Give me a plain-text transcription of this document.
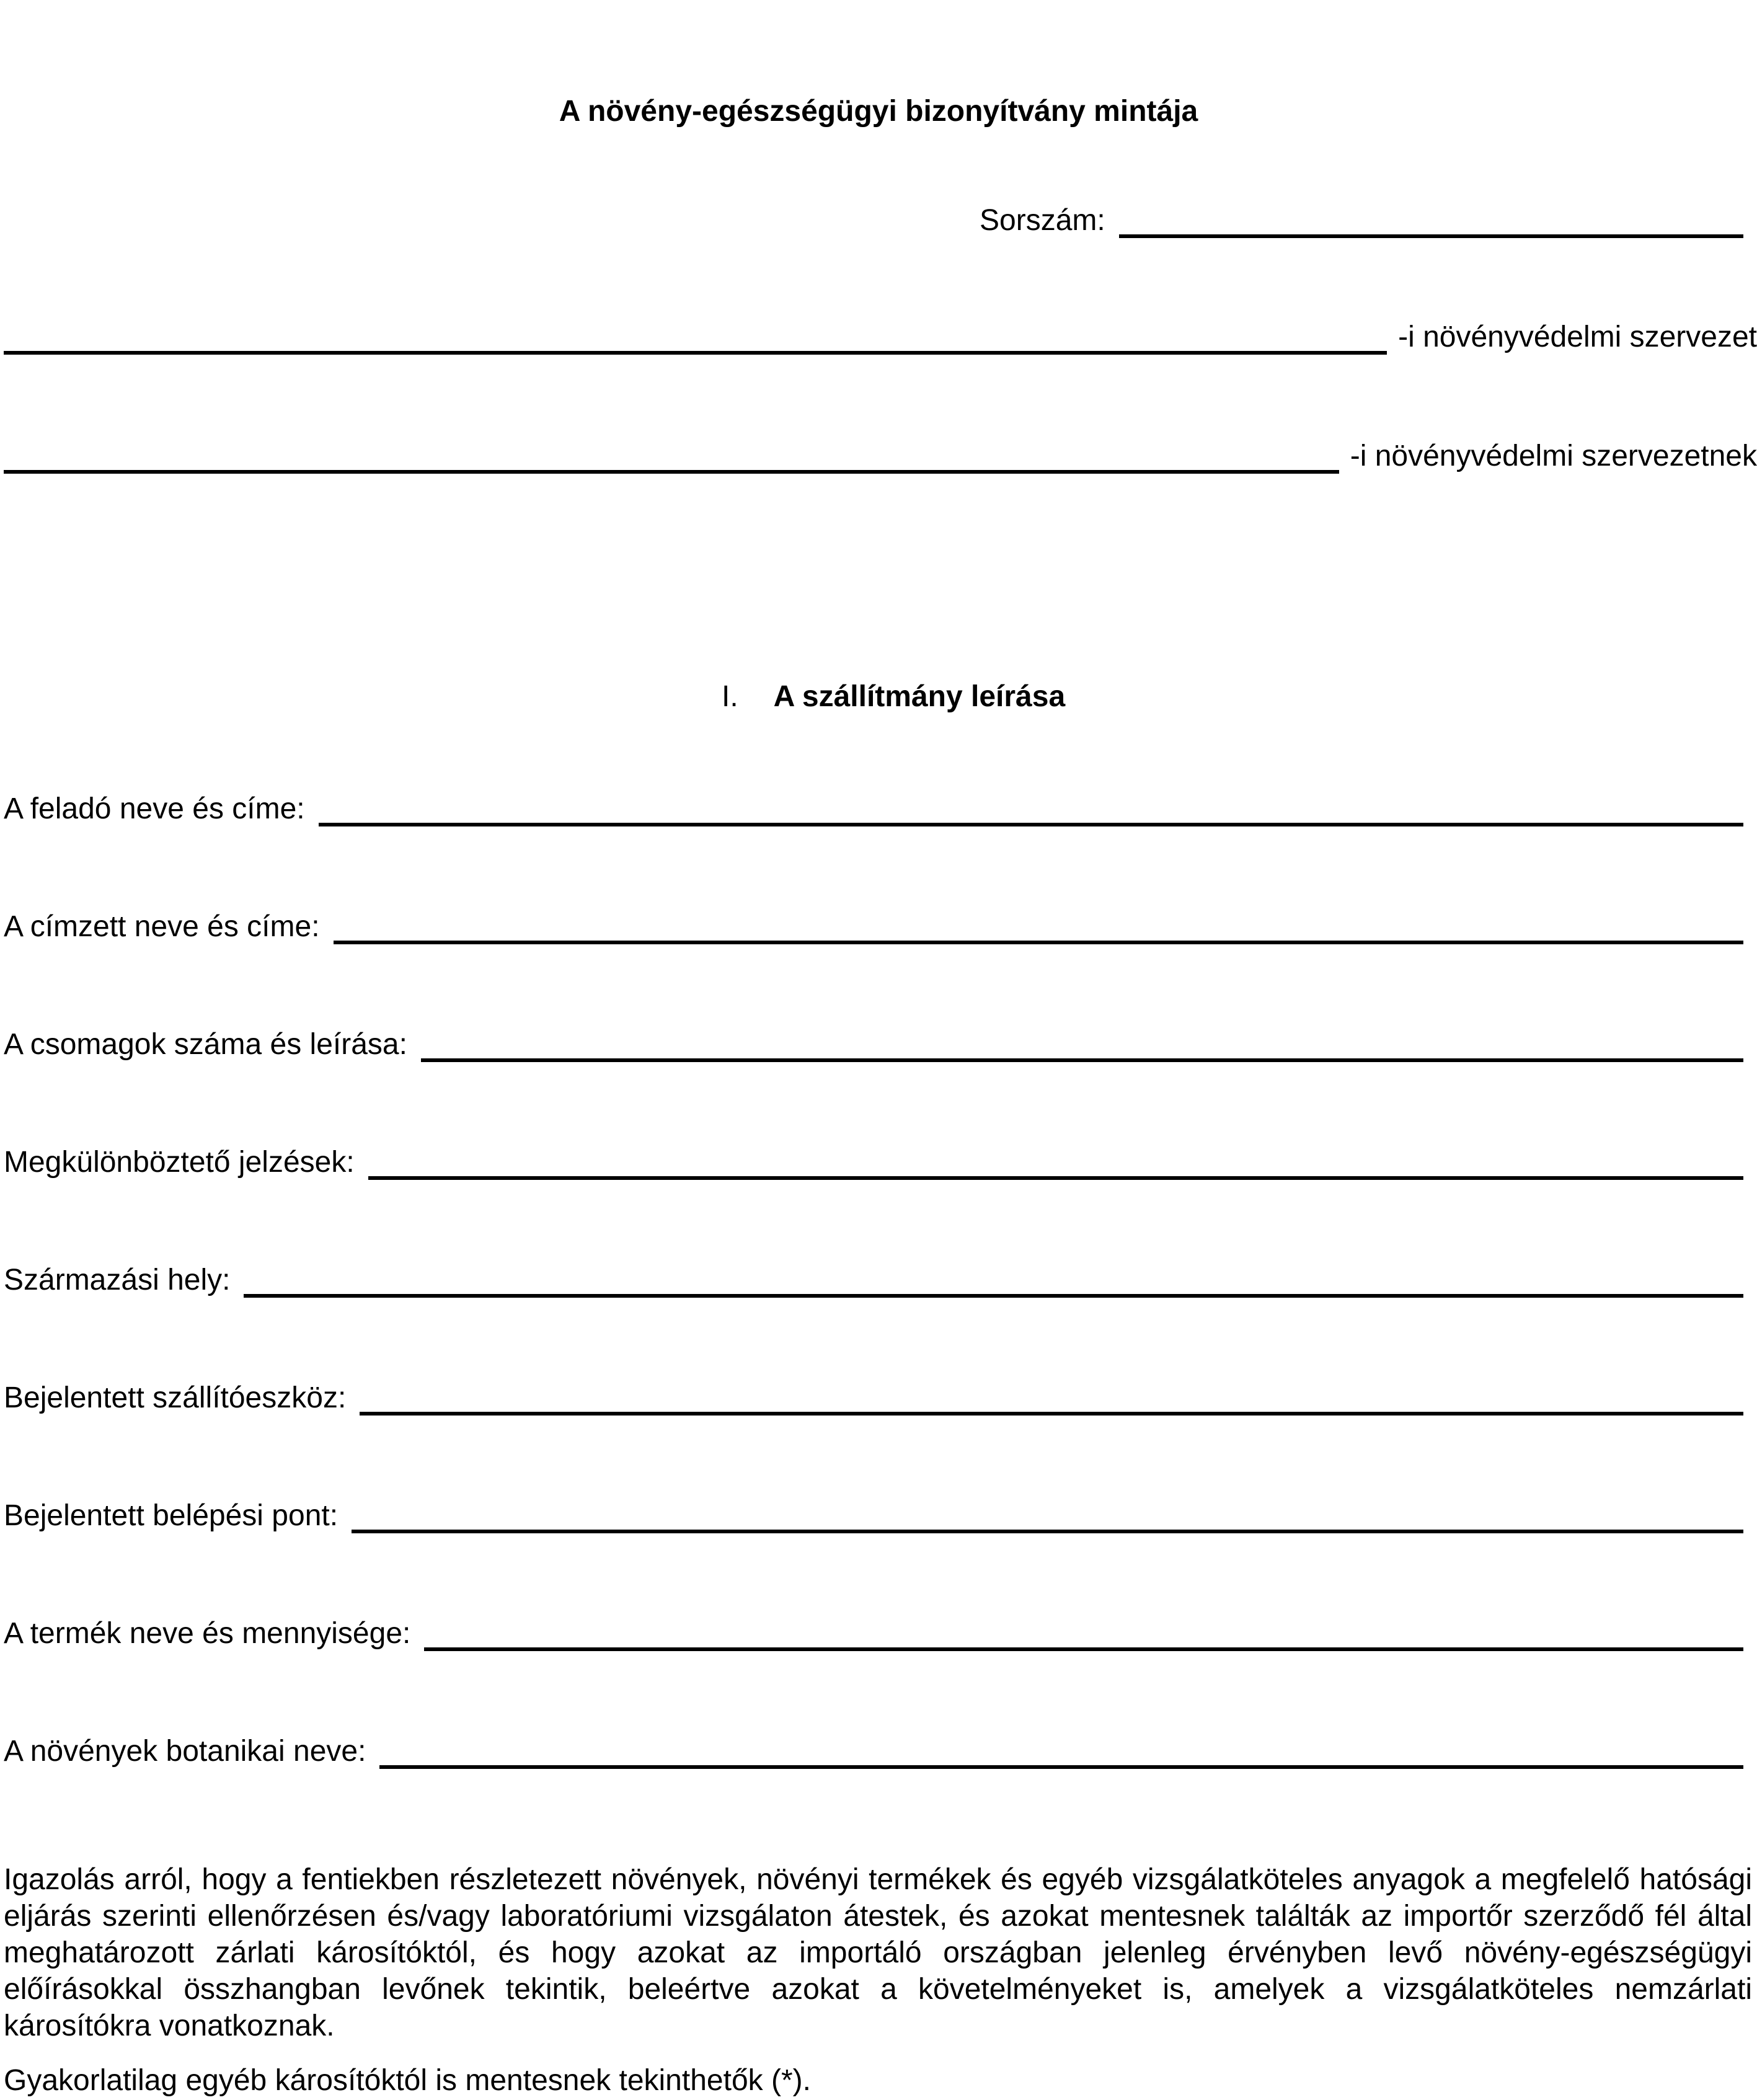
A növény-egészségügyi bizonyítvány mintája
Sorszám:
-i növényvédelmi szervezet
-i növényvédelmi szervezetnek
I. A szállítmány leírása
A feladó neve és címe:
A címzett neve és címe:
A csomagok száma és leírása:
Megkülönböztető jelzések:
Származási hely:
Bejelentett szállítóeszköz:
Bejelentett belépési pont:
A termék neve és mennyisége:
A növények botanikai neve:
Igazolás arról, hogy a fentiekben részletezett növények, növényi termékek és egyéb vizsgálatköteles anyagok a megfelelő hatósági eljárás szerinti ellenőrzésen és/vagy laboratóriumi vizsgálaton átestek, és azokat mentesnek találták az importőr szerződő fél által meghatározott zárlati károsítóktól, és hogy azokat az importáló országban jelenleg érvényben levő növény-egészségügyi előírásokkal összhangban levőnek tekintik, beleértve azokat a követelményeket is, amelyek a vizsgálatköteles nemzárlati károsítókra vonatkoznak.
Gyakorlatilag egyéb károsítóktól is mentesnek tekinthetők (*).
